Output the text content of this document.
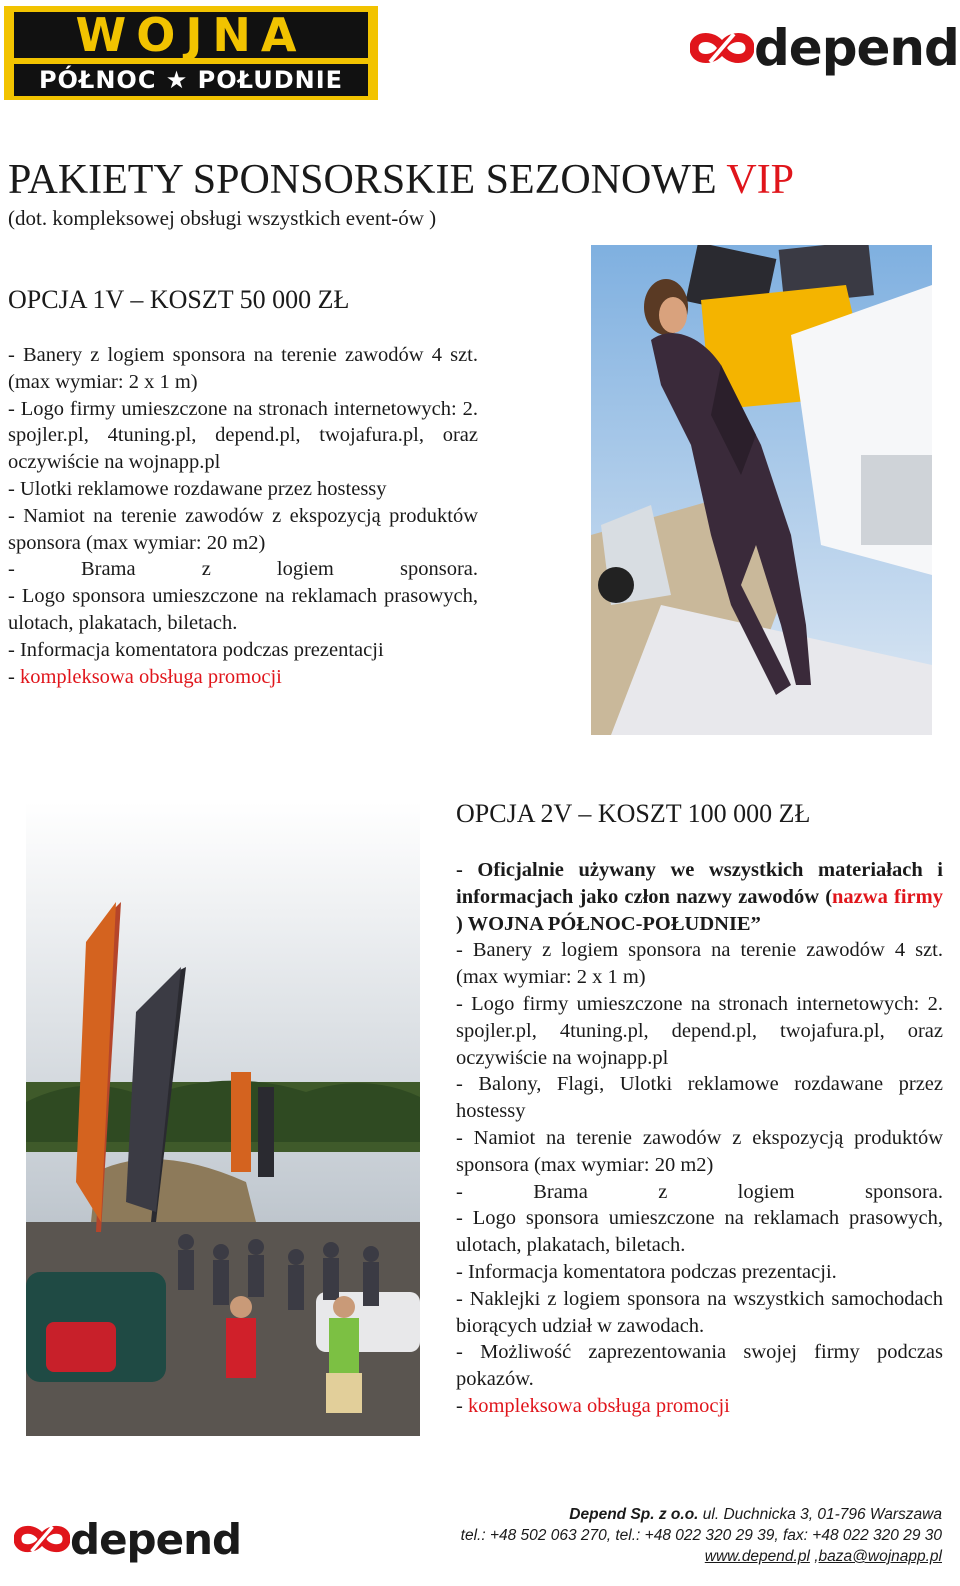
WOJNA
PÓŁNOC ★ POŁUDNIE
depend
PAKIETY SPONSORSKIE SEZONOWE VIP
(dot. kompleksowej obsługi wszystkich event-ów )
OPCJA 1V – KOSZT 50 000 ZŁ

- Banery z logiem sponsora na terenie zawodów 4 szt. (max wymiar: 2 x 1 m)

- Logo firmy umieszczone na stronach internetowych: 2. spojler.pl, 4tuning.pl, depend.pl, twojafura.pl, oraz oczywiście na wojnapp.pl

- Ulotki reklamowe rozdawane przez hostessy

- Namiot na terenie zawodów z ekspozycją produktów sponsora (max wymiar: 20 m2)

- Brama z logiem sponsora.

- Logo sponsora umieszczone na reklamach prasowych, ulotach, plakatach, biletach.

- Informacja komentatora podczas prezentacji

- kompleksowa obsługa promocji

OPCJA 2V – KOSZT 100 000 ZŁ

- Oficjalnie używany we wszystkich materiałach i informacjach jako człon nazwy zawodów (nazwa firmy ) WOJNA PÓŁNOC-POŁUDNIE”

- Banery z logiem sponsora na terenie zawodów 4 szt. (max wymiar: 2 x 1 m)

- Logo firmy umieszczone na stronach internetowych: 2. spojler.pl, 4tuning.pl, depend.pl, twojafura.pl, oraz oczywiście na wojnapp.pl

- Balony, Flagi, Ulotki reklamowe rozdawane przez hostessy

- Namiot na terenie zawodów z ekspozycją produktów sponsora (max wymiar: 20 m2)

- Brama z logiem sponsora.

- Logo sponsora umieszczone na reklamach prasowych, ulotach, plakatach, biletach.

- Informacja komentatora podczas prezentacji.

- Naklejki z logiem sponsora na wszystkich samochodach biorących udział w zawodach.

- Możliwość zaprezentowania swojej firmy podczas pokazów.

- kompleksowa obsługa promocji

depend	Depend Sp. z o.o. ul. Duchnicka 3, 01-796 Warszawa
tel.: +48 502 063 270, tel.: +48 022 320 29 39, fax: +48 022 320 29 30
www.depend.pl ,baza@wojnapp.pl
